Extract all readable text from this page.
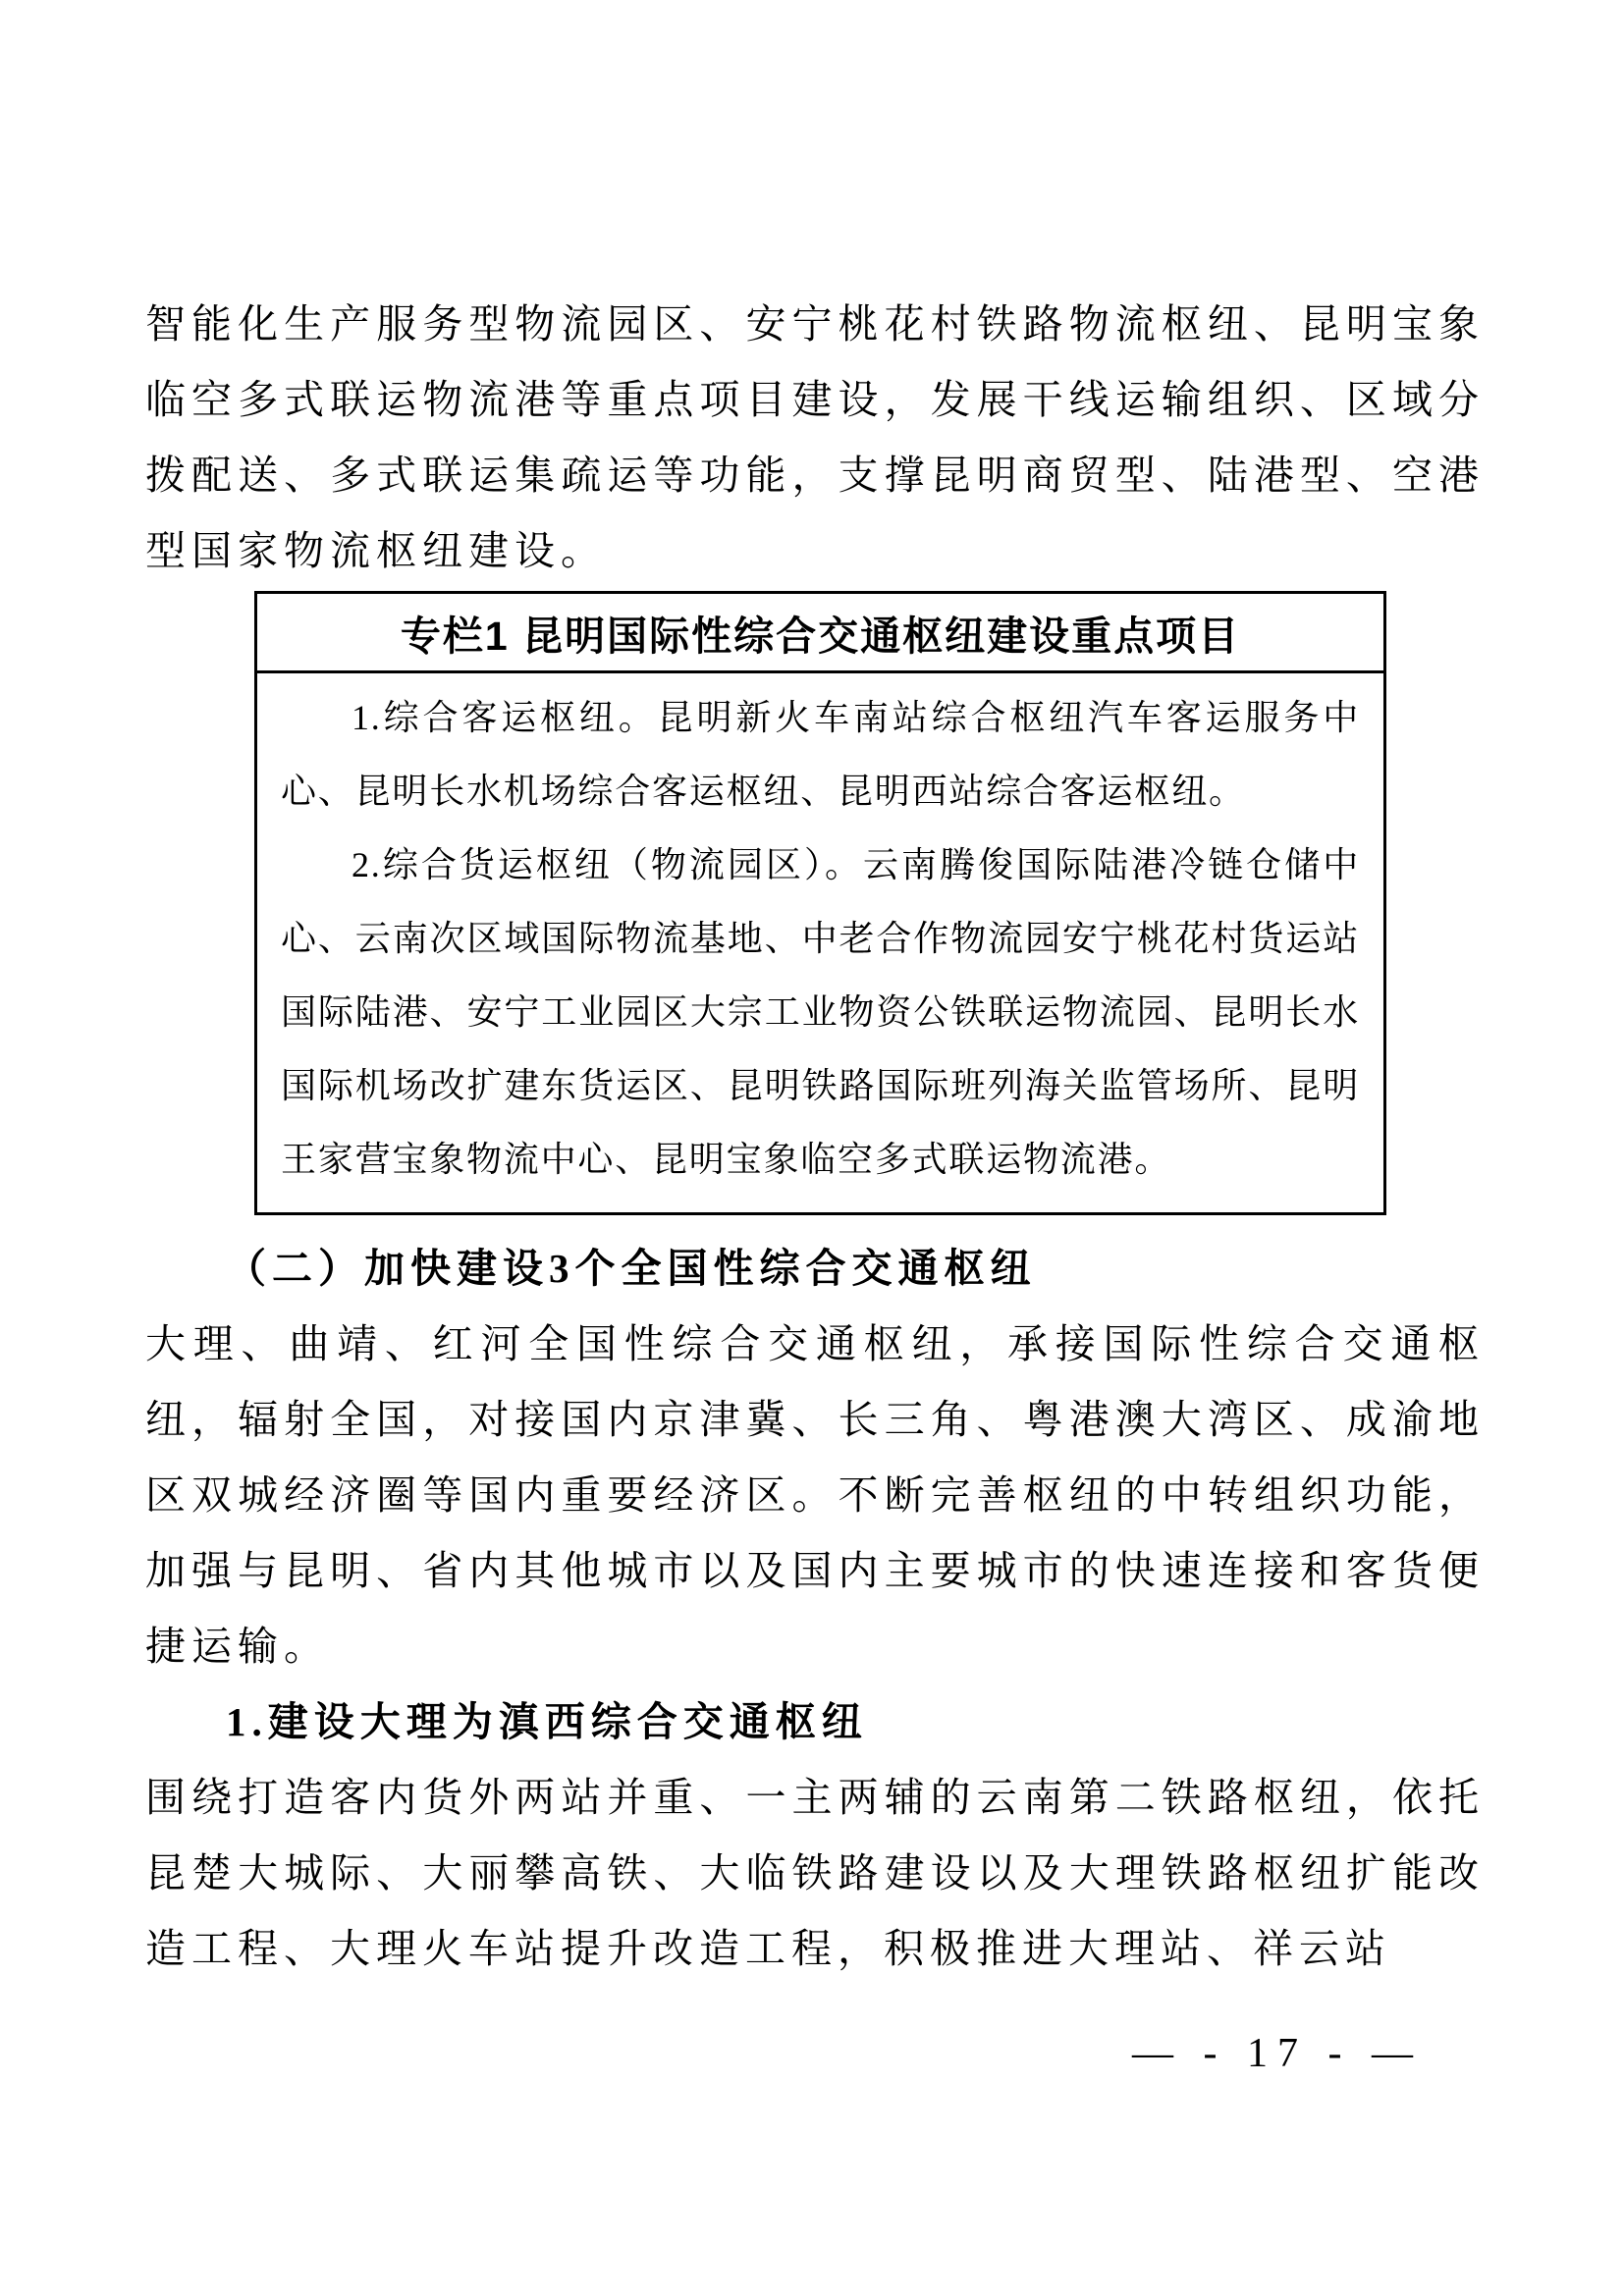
智能化生产服务型物流园区、安宁桃花村铁路物流枢纽、昆明宝象临空多式联运物流港等重点项目建设，发展干线运输组织、区域分拨配送、多式联运集疏运等功能，支撑昆明商贸型、陆港型、空港型国家物流枢纽建设。

专栏1 昆明国际性综合交通枢纽建设重点项目

1.综合客运枢纽。昆明新火车南站综合枢纽汽车客运服务中心、昆明长水机场综合客运枢纽、昆明西站综合客运枢纽。

2.综合货运枢纽（物流园区）。云南腾俊国际陆港冷链仓储中心、云南次区域国际物流基地、中老合作物流园安宁桃花村货运站国际陆港、安宁工业园区大宗工业物资公铁联运物流园、昆明长水国际机场改扩建东货运区、昆明铁路国际班列海关监管场所、昆明王家营宝象物流中心、昆明宝象临空多式联运物流港。

（二）加快建设3个全国性综合交通枢纽

大理、曲靖、红河全国性综合交通枢纽，承接国际性综合交通枢纽，辐射全国，对接国内京津冀、长三角、粤港澳大湾区、成渝地区双城经济圈等国内重要经济区。不断完善枢纽的中转组织功能，加强与昆明、省内其他城市以及国内主要城市的快速连接和客货便捷运输。

1.建设大理为滇西综合交通枢纽

围绕打造客内货外两站并重、一主两辅的云南第二铁路枢纽，依托昆楚大城际、大丽攀高铁、大临铁路建设以及大理铁路枢纽扩能改造工程、大理火车站提升改造工程，积极推进大理站、祥云站

— - 17 - —
